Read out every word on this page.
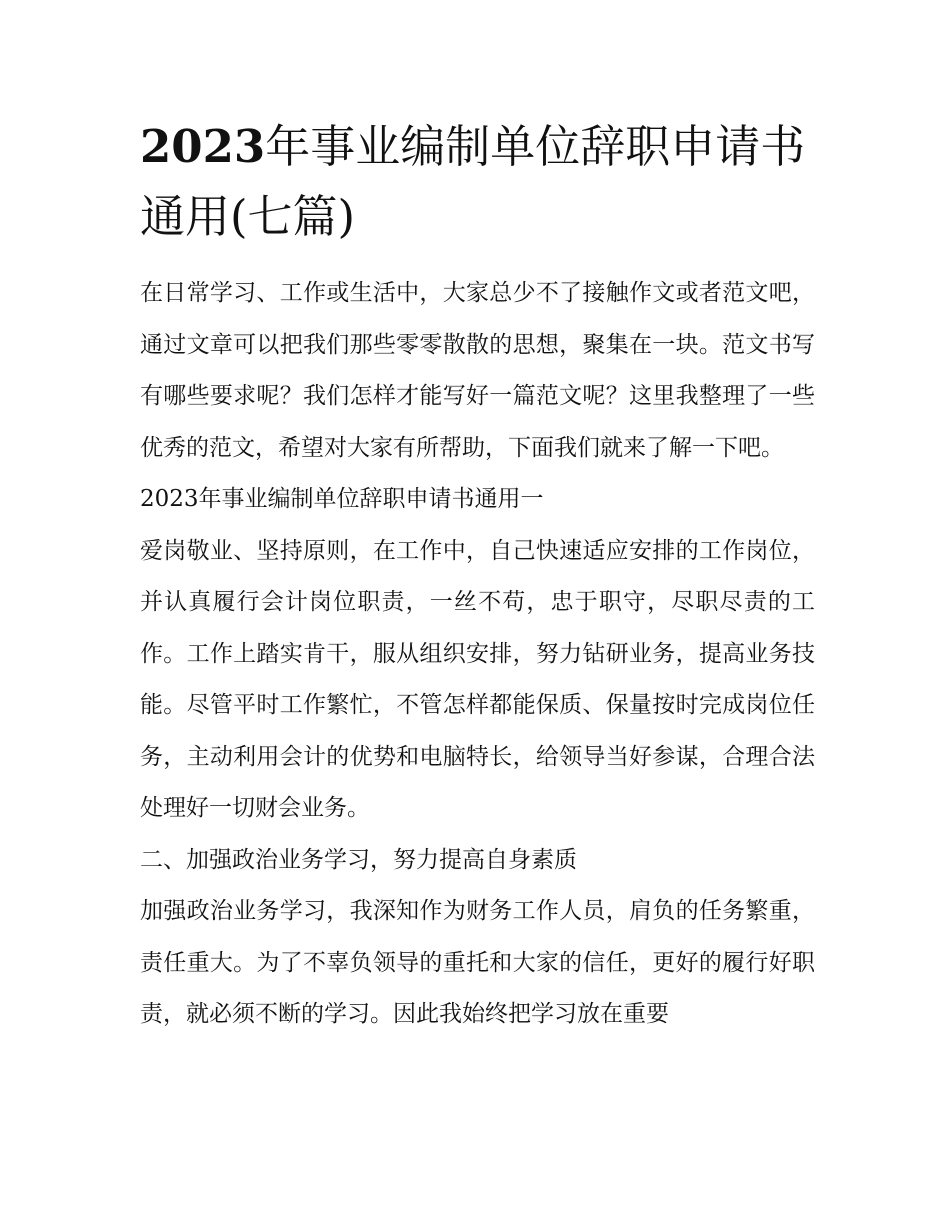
2023年事业编制单位辞职申请书通用(七篇)

在日常学习、工作或生活中，大家总少不了接触作文或者范文吧，通过文章可以把我们那些零零散散的思想，聚集在一块。范文书写有哪些要求呢？我们怎样才能写好一篇范文呢？这里我整理了一些优秀的范文，希望对大家有所帮助，下面我们就来了解一下吧。

2023年事业编制单位辞职申请书通用一

爱岗敬业、坚持原则，在工作中，自己快速适应安排的工作岗位，并认真履行会计岗位职责，一丝不苟，忠于职守，尽职尽责的工作。工作上踏实肯干，服从组织安排，努力钻研业务，提高业务技能。尽管平时工作繁忙，不管怎样都能保质、保量按时完成岗位任务，主动利用会计的优势和电脑特长，给领导当好参谋，合理合法处理好一切财会业务。

二、加强政治业务学习，努力提高自身素质

加强政治业务学习，我深知作为财务工作人员，肩负的任务繁重，责任重大。为了不辜负领导的重托和大家的信任，更好的履行好职责，就必须不断的学习。因此我始终把学习放在重要
